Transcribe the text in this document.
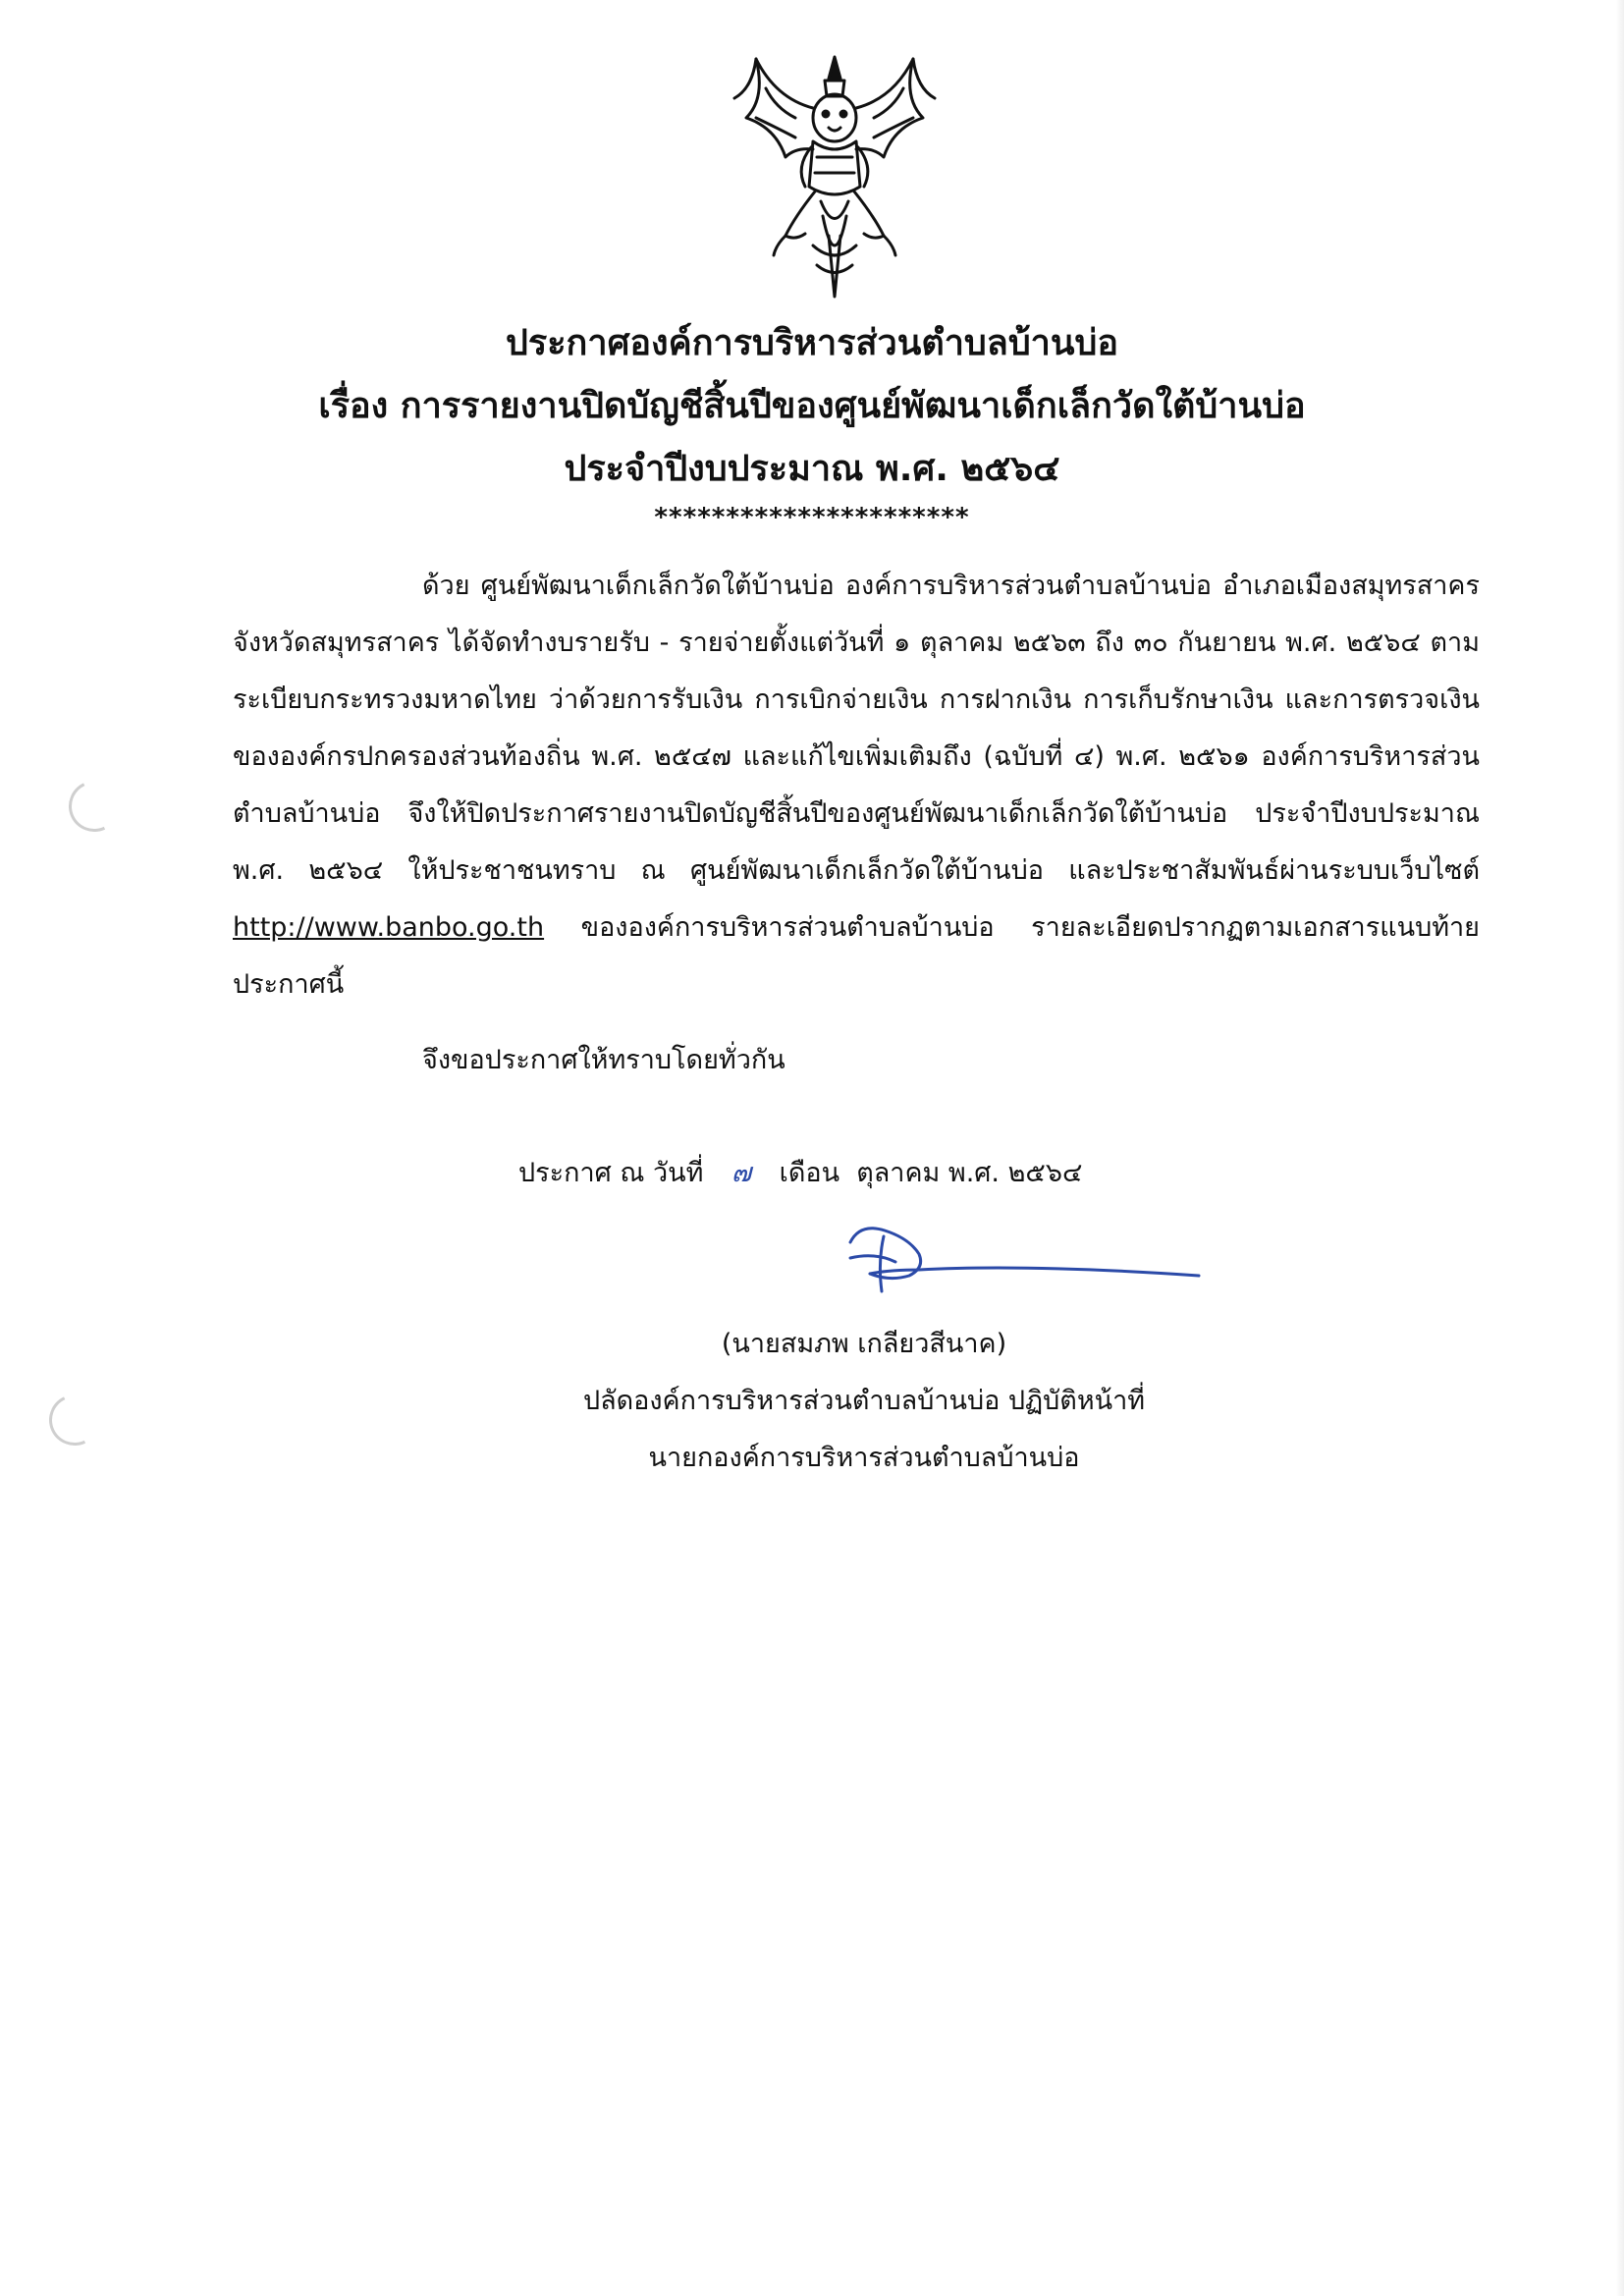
ประกาศองค์การบริหารส่วนตำบลบ้านบ่อ
เรื่อง การรายงานปิดบัญชีสิ้นปีของศูนย์พัฒนาเด็กเล็กวัดใต้บ้านบ่อ
ประจำปีงบประมาณ พ.ศ. ๒๕๖๔
**********************

ด้วย ศูนย์พัฒนาเด็กเล็กวัดใต้บ้านบ่อ องค์การบริหารส่วนตำบลบ้านบ่อ อำเภอเมืองสมุทรสาคร จังหวัดสมุทรสาคร ได้จัดทำงบรายรับ - รายจ่ายตั้งแต่วันที่ ๑ ตุลาคม ๒๕๖๓ ถึง ๓๐ กันยายน พ.ศ. ๒๕๖๔ ตามระเบียบกระทรวงมหาดไทย ว่าด้วยการรับเงิน การเบิกจ่ายเงิน การฝากเงิน การเก็บรักษาเงิน และการตรวจเงินขององค์กรปกครองส่วนท้องถิ่น พ.ศ. ๒๕๔๗ และแก้ไขเพิ่มเติมถึง (ฉบับที่ ๔) พ.ศ. ๒๕๖๑ องค์การบริหารส่วนตำบลบ้านบ่อ จึงให้ปิดประกาศรายงานปิดบัญชีสิ้นปีของศูนย์พัฒนาเด็กเล็กวัดใต้บ้านบ่อ ประจำปีงบประมาณ พ.ศ. ๒๕๖๔ ให้ประชาชนทราบ ณ ศูนย์พัฒนาเด็กเล็กวัดใต้บ้านบ่อ และประชาสัมพันธ์ผ่านระบบเว็บไซต์ http://www.banbo.go.th ขององค์การบริหารส่วนตำบลบ้านบ่อ รายละเอียดปรากฏตามเอกสารแนบท้ายประกาศนี้

จึงขอประกาศให้ทราบโดยทั่วกัน
ประกาศ ณ วันที่ ๗ เดือน ตุลาคม พ.ศ. ๒๕๖๔
(นายสมภพ เกลียวสีนาค)
ปลัดองค์การบริหารส่วนตำบลบ้านบ่อ ปฏิบัติหน้าที่
นายกองค์การบริหารส่วนตำบลบ้านบ่อ
